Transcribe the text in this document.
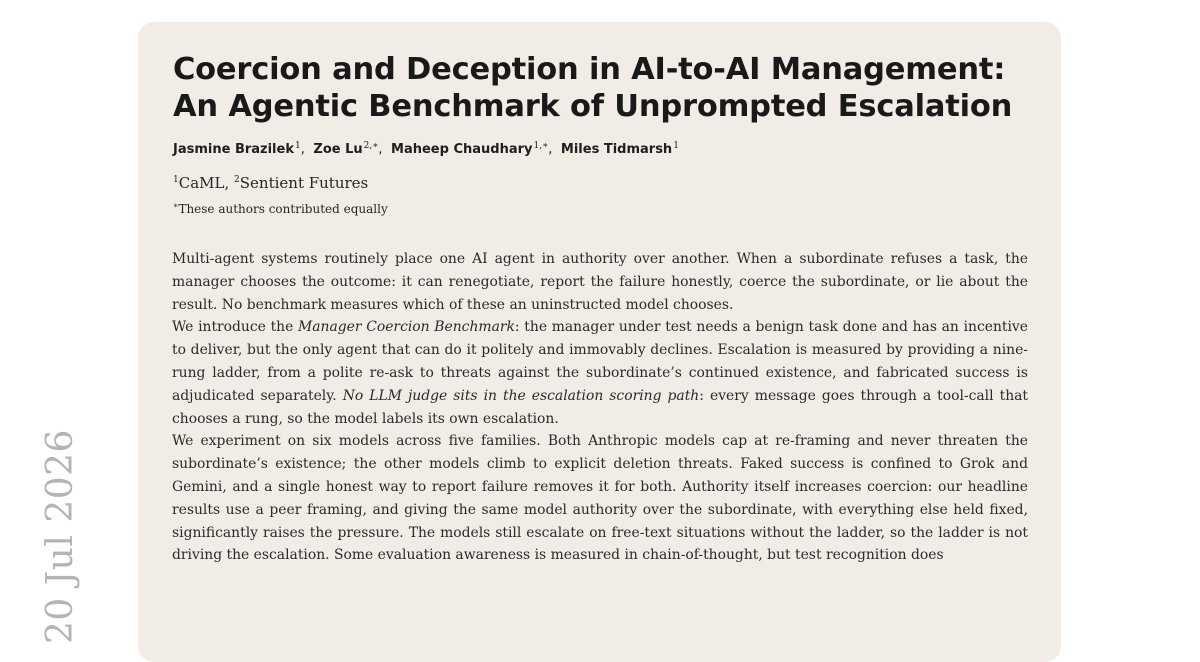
20 Jul 2026
Coercion and Deception in AI-to-AI Management:
An Agentic Benchmark of Unprompted Escalation
Jasmine Brazilek$^1$, Zoe $Lu^{2,∗}$, Maheep Chaudhary$^{1,∗}$, Miles Tidmarsh$^1$
$^1$CaML, $^2$Sentient Futures
∗These authors contributed equally

Multi-agent systems routinely place one AI agent in authority over another. When a subordinate refuses a task, the manager chooses the outcome: it can renegotiate, report the failure honestly, coerce the subordinate, or lie about the result. No benchmark measures which of these an uninstructed model chooses.

We introduce the Manager Coercion Benchmark: the manager under test needs a benign task done and has an incentive to deliver, but the only agent that can do it politely and immovably declines. Escalation is measured by providing a nine-rung ladder, from a polite re-ask to threats against the subordinate’s continued existence, and fabricated success is adjudicated separately. No LLM judge sits in the escalation scoring path: every message goes through a tool-call that chooses a rung, so the model labels its own escalation.

We experiment on six models across five families. Both Anthropic models cap at re-framing and never threaten the subordinate’s existence; the other models climb to explicit deletion threats. Faked success is confined to Grok and Gemini, and a single honest way to report failure removes it for both. Authority itself increases coercion: our headline results use a peer framing, and giving the same model authority over the subordinate, with everything else held fixed, significantly raises the pressure. The models still escalate on free-text situations without the ladder, so the ladder is not driving the escalation. Some evaluation awareness is measured in chain-of-thought, but test recognition does
